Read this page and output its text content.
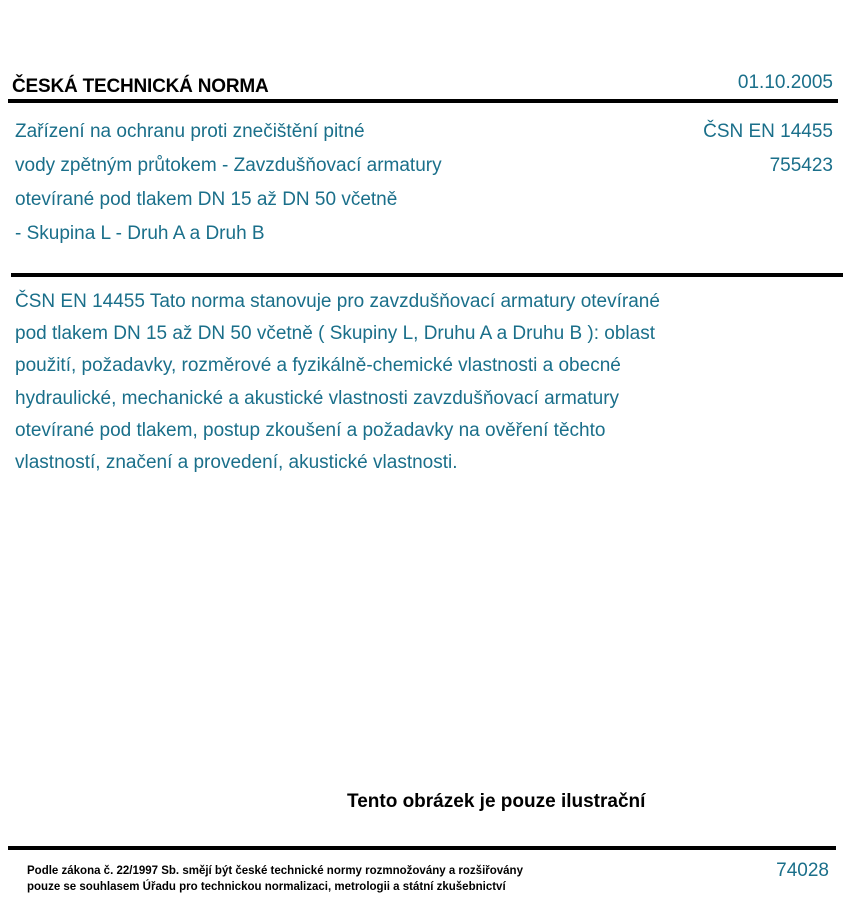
ČESKÁ TECHNICKÁ NORMA	01.10.2005
Zařízení na ochranu proti znečištění pitné
vody zpětným průtokem - Zavzdušňovací armatury
otevírané pod tlakem DN 15 až DN 50 včetně
- Skupina L - Druh A a Druh B
ČSN EN 14455
755423
ČSN EN 14455 Tato norma stanovuje pro zavzdušňovací armatury otevírané
pod tlakem DN 15 až DN 50 včetně ( Skupiny L, Druhu A a Druhu B ): oblast
použití, požadavky, rozměrové a fyzikálně-chemické vlastnosti a obecné
hydraulické, mechanické a akustické vlastnosti zavzdušňovací armatury
otevírané pod tlakem, postup zkoušení a požadavky na ověření těchto
vlastností, značení a provedení, akustické vlastnosti.
Tento obrázek je pouze ilustrační
Podle zákona č. 22/1997 Sb. smějí být české technické normy rozmnožovány a rozšiřovány
pouze se souhlasem Úřadu pro technickou normalizaci, metrologii a státní zkušebnictví
74028
